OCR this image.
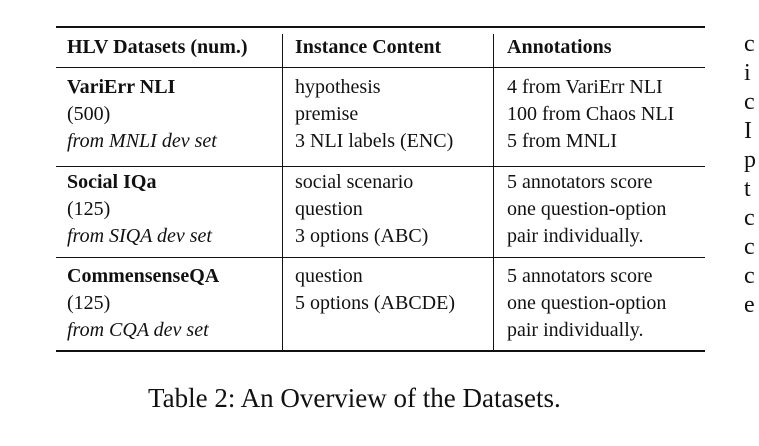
HLV Datasets (num.) Instance Content	Annotations
VariErr NLI
(500)
from MNLI dev set
hypothesis
premise
3 NLI labels (ENC)
4 from VariErr NLI
100 from Chaos NLI
5 from MNLI
Social IQa
(125)
from SIQA dev set
social scenario
question
3 options (ABC)
5 annotators score
one question-option
pair individually.
CommensenseQA
(125)
from CQA dev set
question
5 options (ABCDE)
5 annotators score
one question-option
pair individually.
Table 2: An Overview of the Datasets.
c
i
c
I
p
t
c
c
c
e
